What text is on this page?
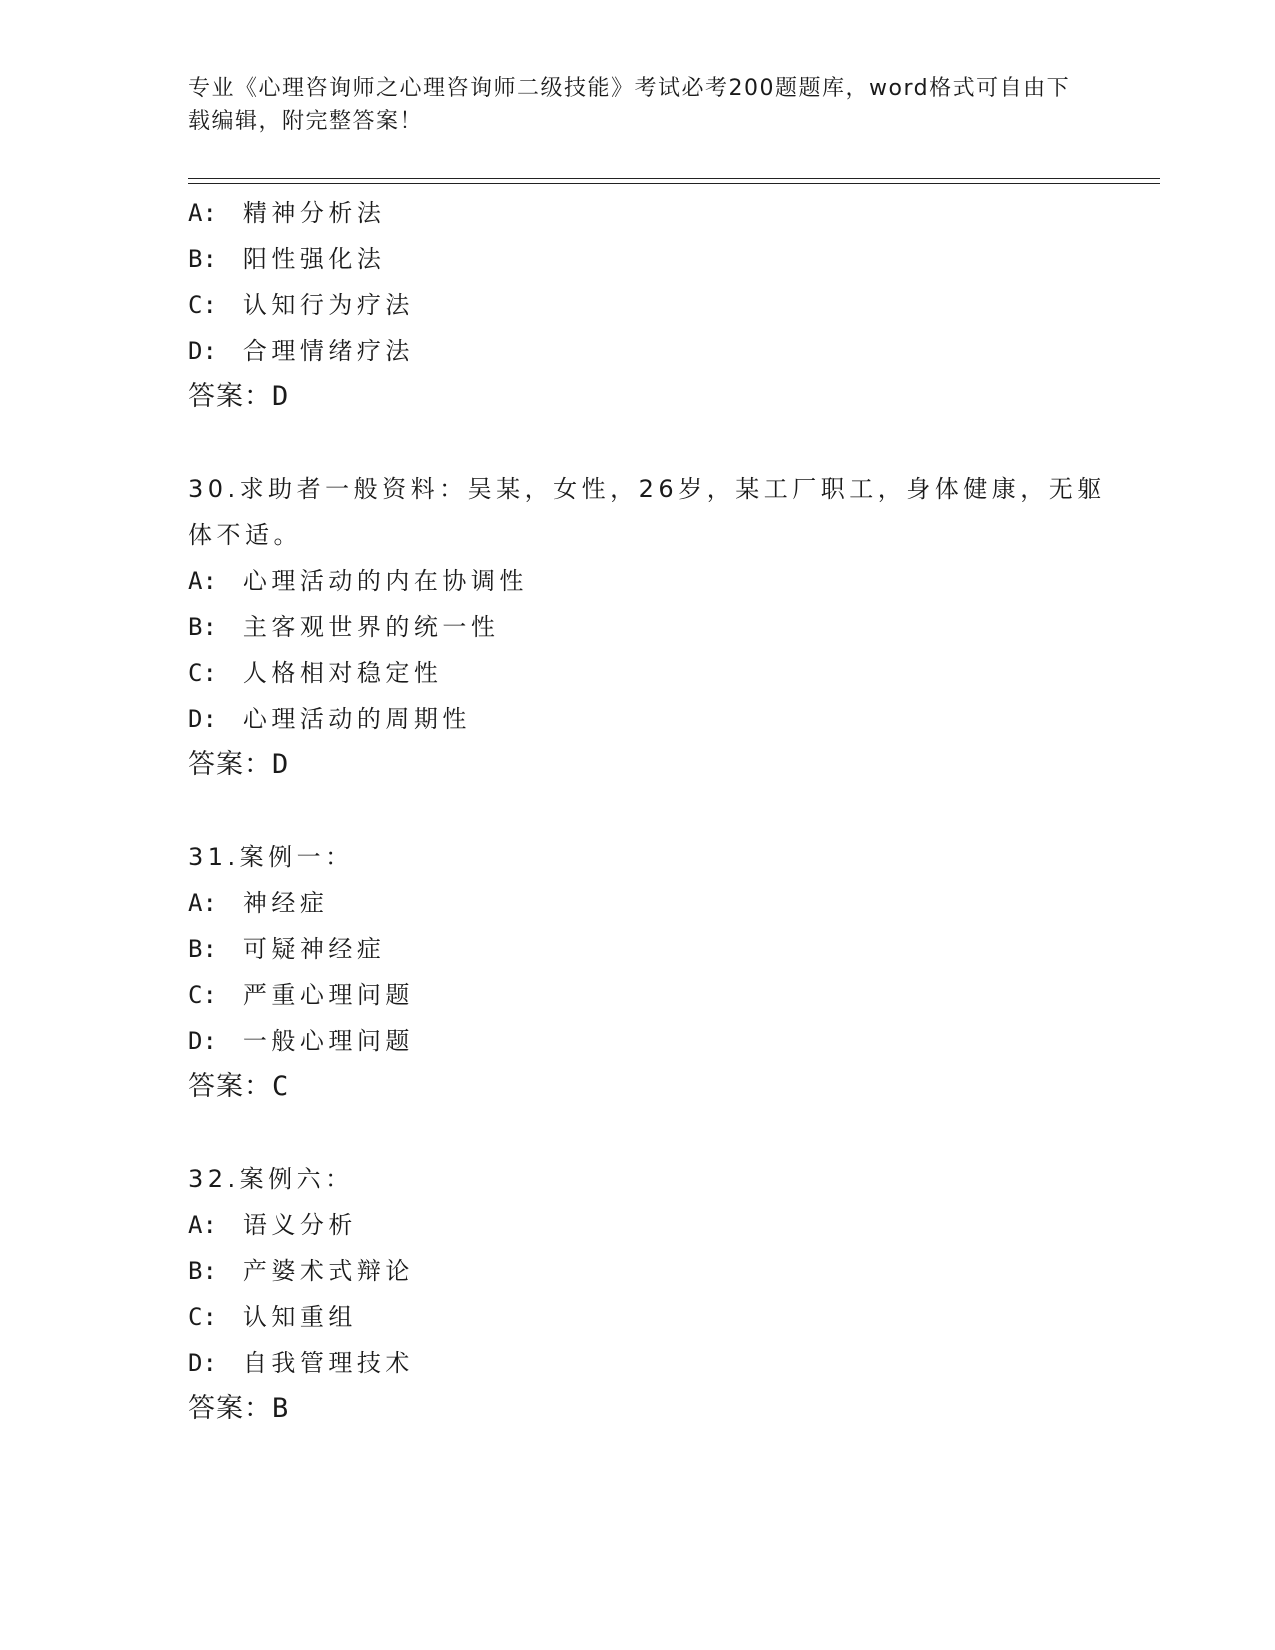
专业《心理咨询师之心理咨询师二级技能》考试必考200题题库，word格式可自由下载编辑，附完整答案！
A: 精神分析法
B: 阳性强化法
C: 认知行为疗法
D: 合理情绪疗法
答案：D
30.求助者一般资料：吴某，女性，26岁，某工厂职工，身体健康，无躯体不适。
A: 心理活动的内在协调性
B: 主客观世界的统一性
C: 人格相对稳定性
D: 心理活动的周期性
答案：D
31.案例一：
A: 神经症
B: 可疑神经症
C: 严重心理问题
D: 一般心理问题
答案：C
32.案例六：
A: 语义分析
B: 产婆术式辩论
C: 认知重组
D: 自我管理技术
答案：B
